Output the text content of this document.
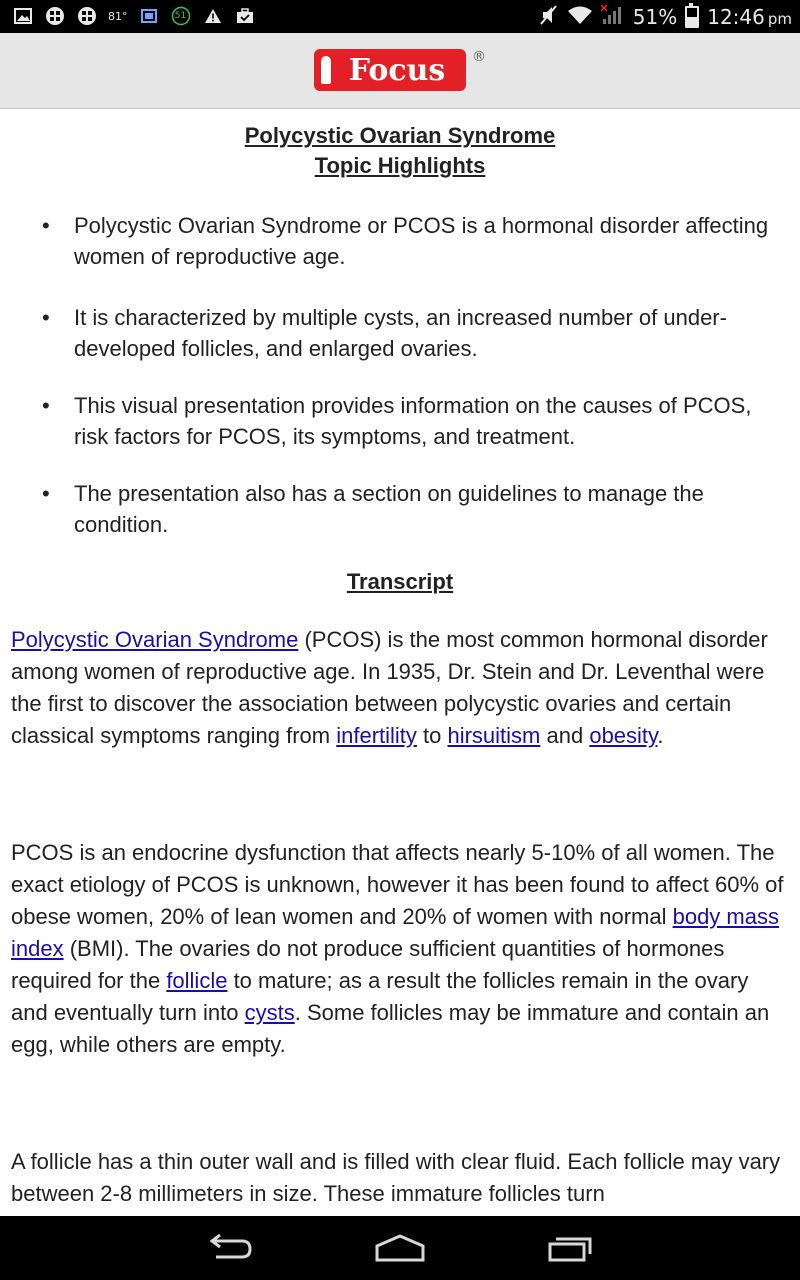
81°	51	51% 12:46 pm
Focus ®
Polycystic Ovarian Syndrome
Topic Highlights
• Polycystic Ovarian Syndrome or PCOS is a hormonal disorder affecting women of reproductive age.
• It is characterized by multiple cysts, an increased number of under-developed follicles, and enlarged ovaries.
• This visual presentation provides information on the causes of PCOS, risk factors for PCOS, its symptoms, and treatment.
• The presentation also has a section on guidelines to manage the condition.
Transcript

Polycystic Ovarian Syndrome (PCOS) is the most common hormonal disorder among women of reproductive age. In 1935, Dr. Stein and Dr. Leventhal were the first to discover the association between polycystic ovaries and certain classical symptoms ranging from infertility to hirsuitism and obesity.

PCOS is an endocrine dysfunction that affects nearly 5-10% of all women. The exact etiology of PCOS is unknown, however it has been found to affect 60% of obese women, 20% of lean women and 20% of women with normal body mass index (BMI). The ovaries do not produce sufficient quantities of hormones required for the follicle to mature; as a result the follicles remain in the ovary and eventually turn into cysts. Some follicles may be immature and contain an egg, while others are empty.

A follicle has a thin outer wall and is filled with clear fluid. Each follicle may vary between 2-8 millimeters in size. These immature follicles turn
